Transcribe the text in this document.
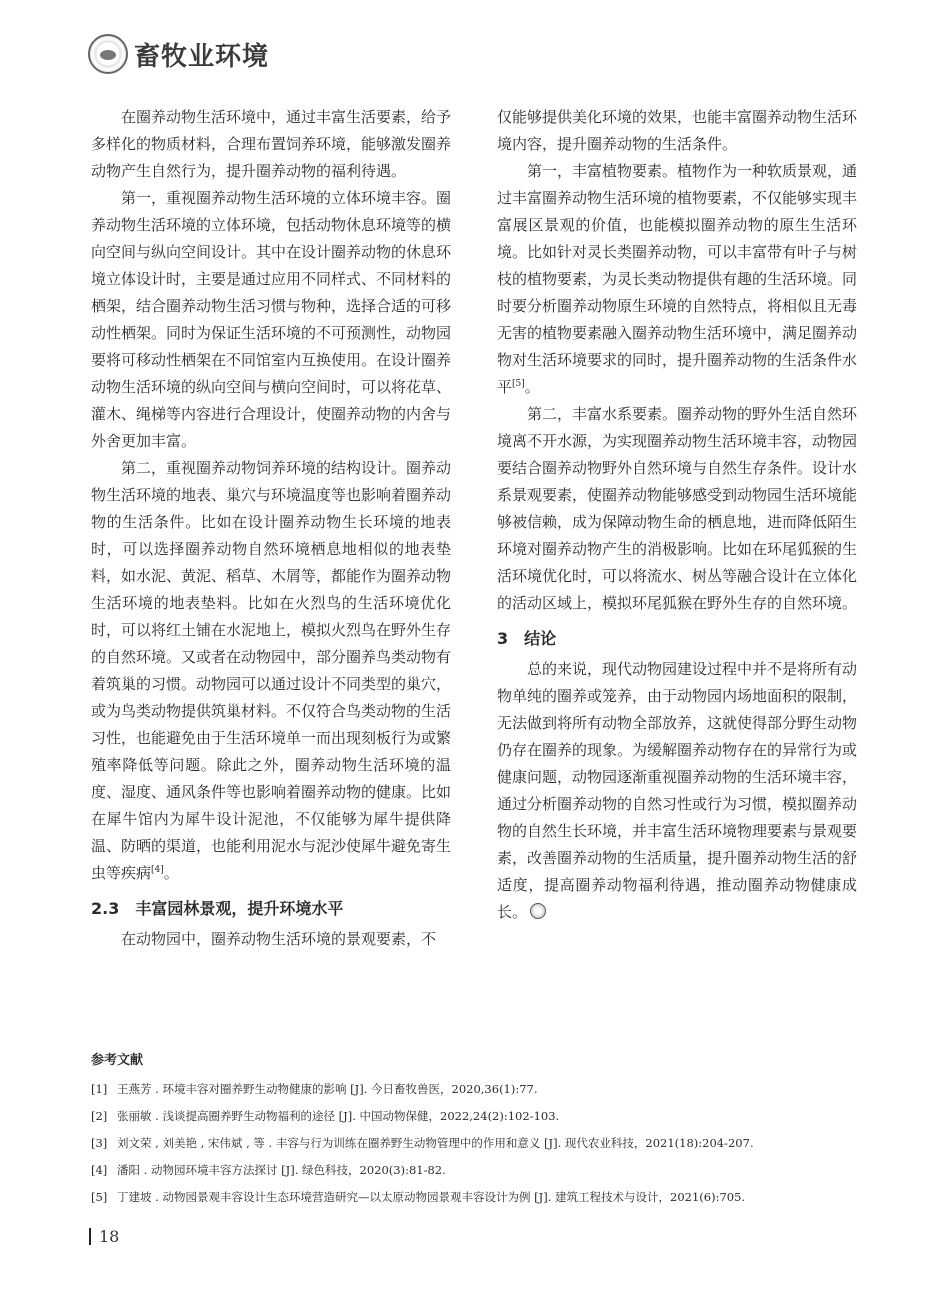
畜牧业环境

在圈养动物生活环境中，通过丰富生活要素，给予多样化的物质材料，合理布置饲养环境，能够激发圈养动物产生自然行为，提升圈养动物的福利待遇。

第一，重视圈养动物生活环境的立体环境丰容。圈养动物生活环境的立体环境，包括动物休息环境等的横向空间与纵向空间设计。其中在设计圈养动物的休息环境立体设计时，主要是通过应用不同样式、不同材料的栖架，结合圈养动物生活习惯与物种，选择合适的可移动性栖架。同时为保证生活环境的不可预测性，动物园要将可移动性栖架在不同馆室内互换使用。在设计圈养动物生活环境的纵向空间与横向空间时，可以将花草、灌木、绳梯等内容进行合理设计，使圈养动物的内舍与外舍更加丰富。

第二，重视圈养动物饲养环境的结构设计。圈养动物生活环境的地表、巢穴与环境温度等也影响着圈养动物的生活条件。比如在设计圈养动物生长环境的地表时，可以选择圈养动物自然环境栖息地相似的地表垫料，如水泥、黄泥、稻草、木屑等，都能作为圈养动物生活环境的地表垫料。比如在火烈鸟的生活环境优化时，可以将红土铺在水泥地上，模拟火烈鸟在野外生存的自然环境。又或者在动物园中，部分圈养鸟类动物有着筑巢的习惯。动物园可以通过设计不同类型的巢穴，或为鸟类动物提供筑巢材料。不仅符合鸟类动物的生活习性，也能避免由于生活环境单一而出现刻板行为或繁殖率降低等问题。除此之外，圈养动物生活环境的温度、湿度、通风条件等也影响着圈养动物的健康。比如在犀牛馆内为犀牛设计泥池，不仅能够为犀牛提供降温、防晒的渠道，也能利用泥水与泥沙使犀牛避免寄生虫等疾病[4]。

2.3 丰富园林景观，提升环境水平

在动物园中，圈养动物生活环境的景观要素，不

仅能够提供美化环境的效果，也能丰富圈养动物生活环境内容，提升圈养动物的生活条件。

第一，丰富植物要素。植物作为一种软质景观，通过丰富圈养动物生活环境的植物要素，不仅能够实现丰富展区景观的价值，也能模拟圈养动物的原生生活环境。比如针对灵长类圈养动物，可以丰富带有叶子与树枝的植物要素，为灵长类动物提供有趣的生活环境。同时要分析圈养动物原生环境的自然特点，将相似且无毒无害的植物要素融入圈养动物生活环境中，满足圈养动物对生活环境要求的同时，提升圈养动物的生活条件水平[5]。

第二，丰富水系要素。圈养动物的野外生活自然环境离不开水源，为实现圈养动物生活环境丰容，动物园要结合圈养动物野外自然环境与自然生存条件。设计水系景观要素，使圈养动物能够感受到动物园生活环境能够被信赖，成为保障动物生命的栖息地，进而降低陌生环境对圈养动物产生的消极影响。比如在环尾狐猴的生活环境优化时，可以将流水、树丛等融合设计在立体化的活动区域上，模拟环尾狐猴在野外生存的自然环境。

3 结论

总的来说，现代动物园建设过程中并不是将所有动物单纯的圈养或笼养，由于动物园内场地面积的限制，无法做到将所有动物全部放养，这就使得部分野生动物仍存在圈养的现象。为缓解圈养动物存在的异常行为或健康问题，动物园逐渐重视圈养动物的生活环境丰容，通过分析圈养动物的自然习性或行为习惯，模拟圈养动物的自然生长环境，并丰富生活环境物理要素与景观要素，改善圈养动物的生活质量，提升圈养动物生活的舒适度，提高圈养动物福利待遇，推动圈养动物健康成长。

参考文献
[1] 王燕芳 . 环境丰容对圈养野生动物健康的影响 [J]. 今日畜牧兽医，2020,36(1):77.
[2] 张丽敏 . 浅谈提高圈养野生动物福利的途径 [J]. 中国动物保健，2022,24(2):102-103.
[3] 刘文荣 , 刘美艳 , 宋伟斌 , 等 . 丰容与行为训练在圈养野生动物管理中的作用和意义 [J]. 现代农业科技，2021(18):204-207.
[4] 潘阳 . 动物园环境丰容方法探讨 [J]. 绿色科技，2020(3):81-82.
[5] 丁建坡 . 动物园景观丰容设计生态环境营造研究—以太原动物园景观丰容设计为例 [J]. 建筑工程技术与设计，2021(6):705.
18
